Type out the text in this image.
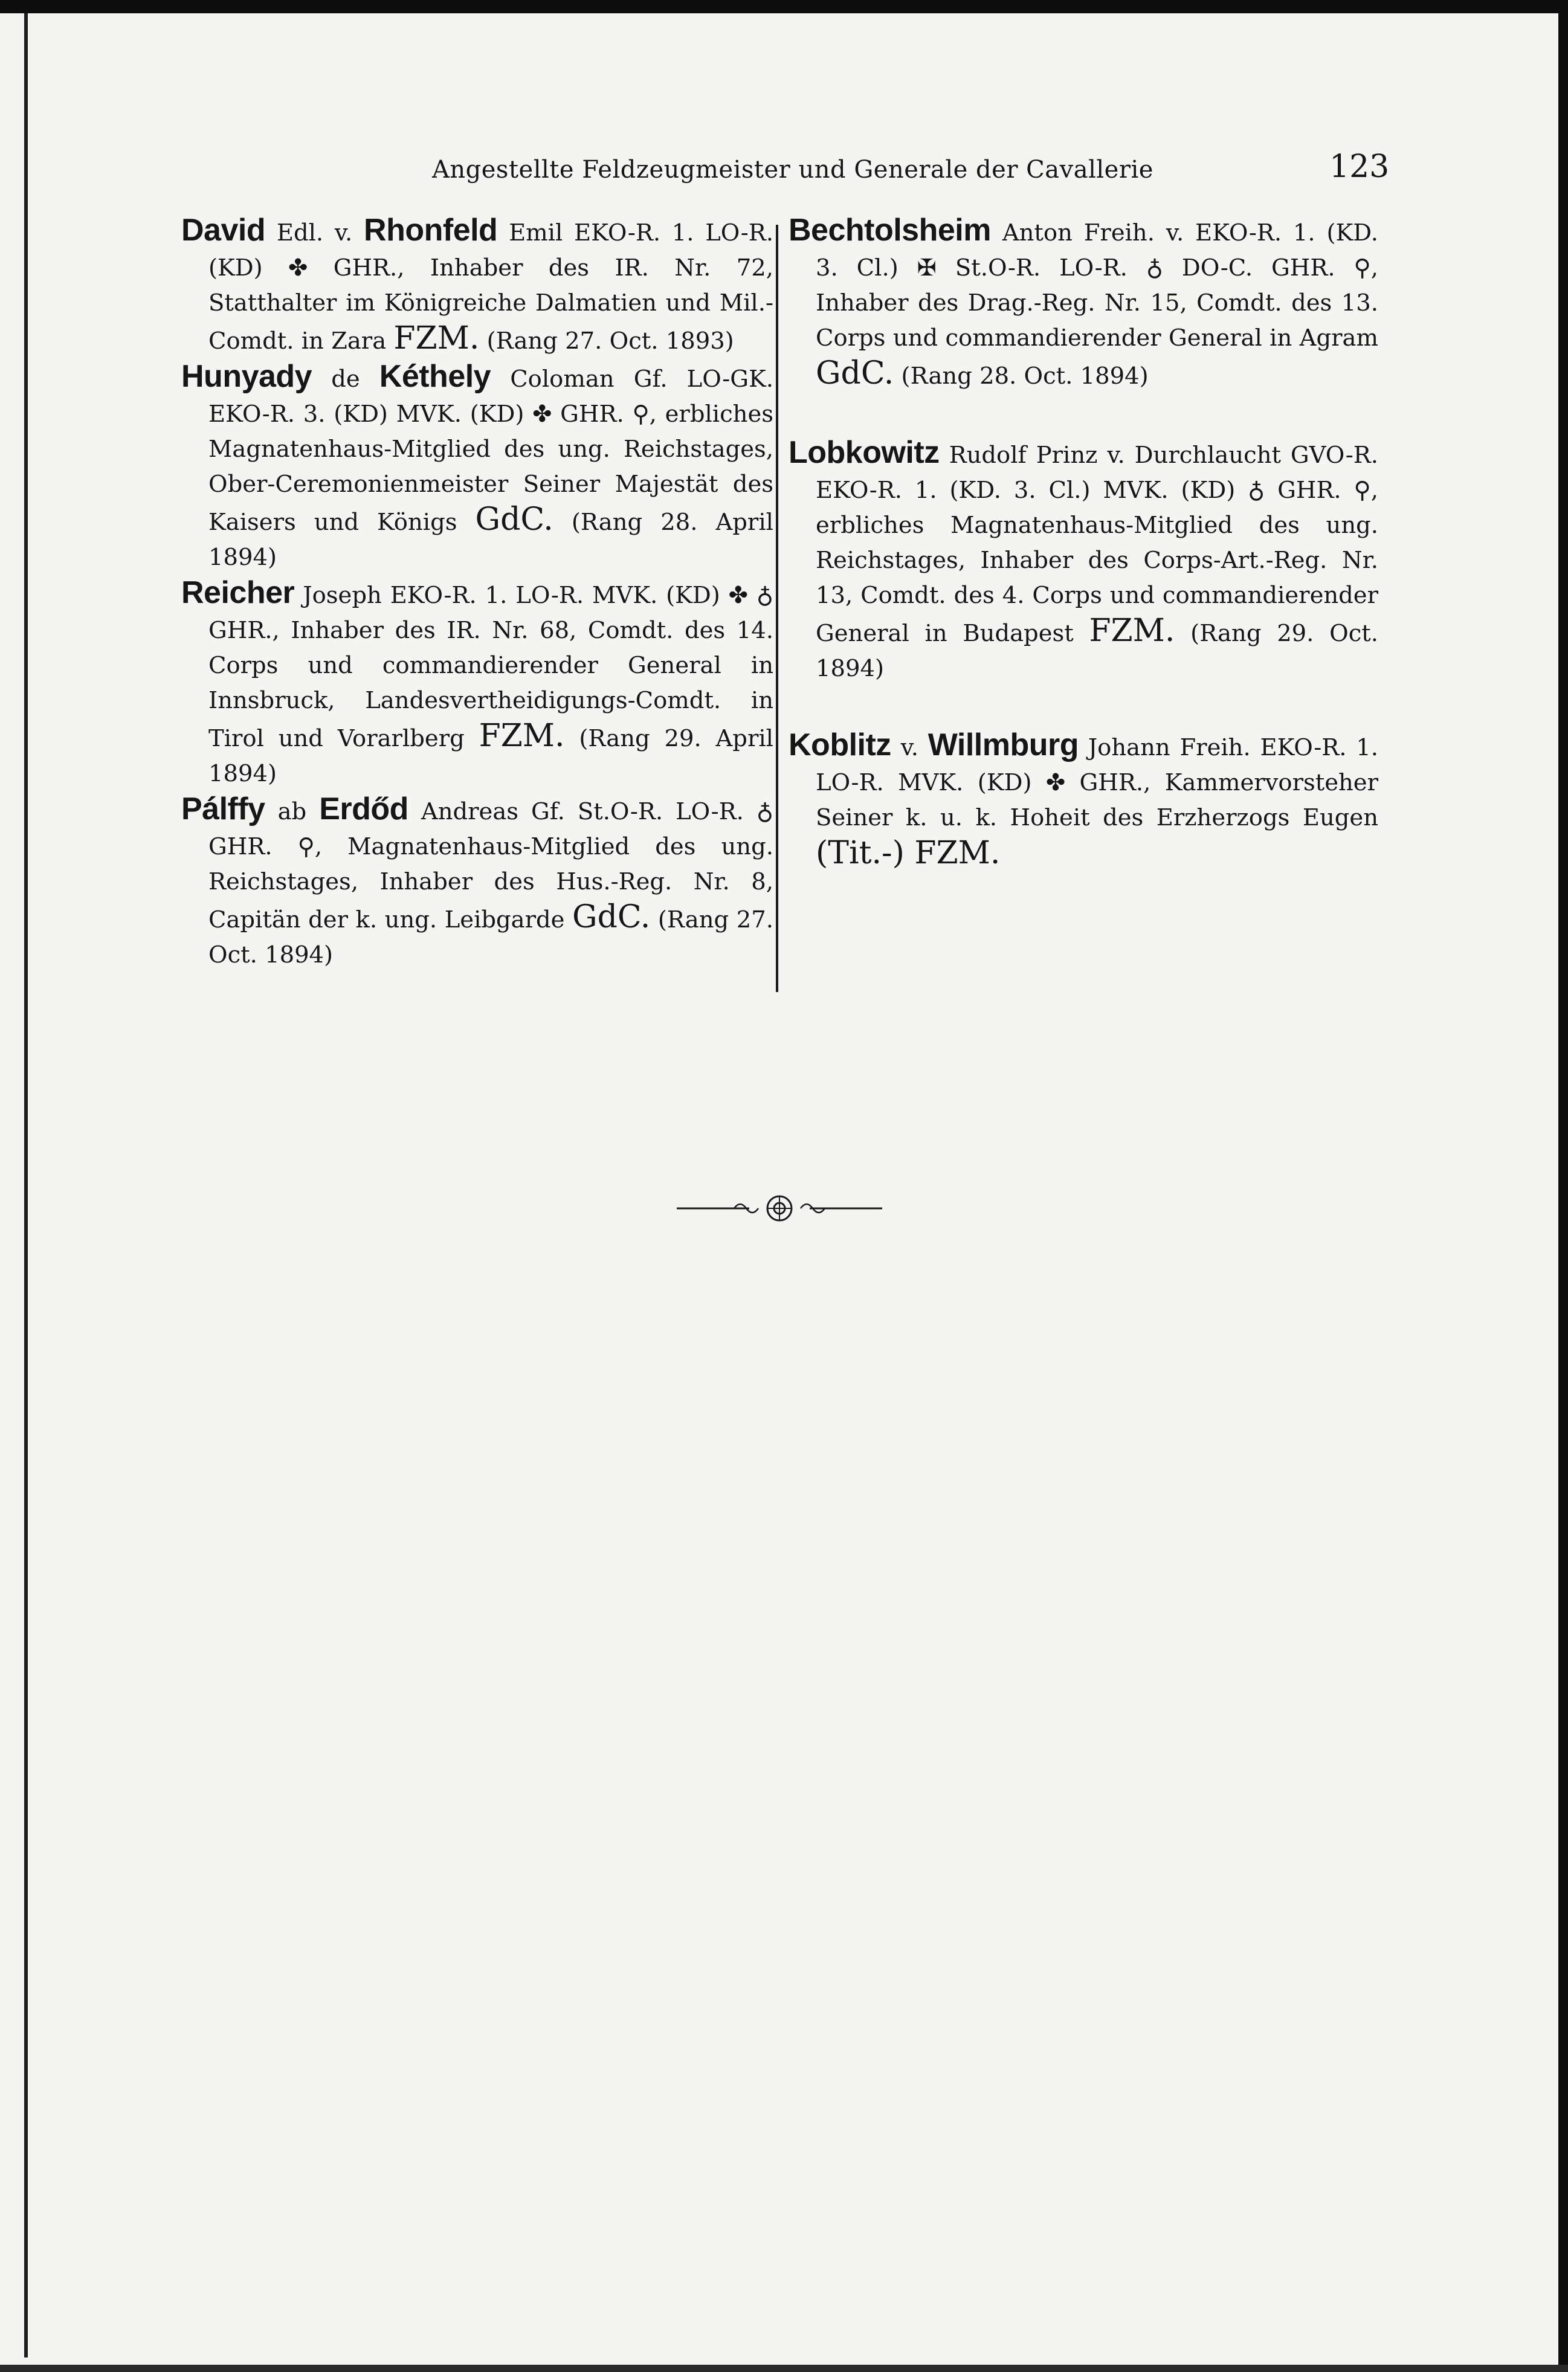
Angestellte Feldzeugmeister und Generale der Cavallerie	123

David Edl. v. Rhonfeld Emil EKO-R. 1. LO-R. (KD) ✤ GHR., Inhaber des IR. Nr. 72, Statthalter im Königreiche Dalmatien und Mil.-Comdt. in Zara FZM. (Rang 27. Oct. 1893)

Hunyady de Kéthely Coloman Gf. LO-GK. EKO-R. 3. (KD) MVK. (KD) ✤ GHR. ⚲, erbliches Magnatenhaus-Mitglied des ung. Reichstages, Ober-Ceremonienmeister Seiner Majestät des Kaisers und Königs GdC. (Rang 28. April 1894)

Reicher Joseph EKO-R. 1. LO-R. MVK. (KD) ✤ ♁ GHR., Inhaber des IR. Nr. 68, Comdt. des 14. Corps und commandierender General in Innsbruck, Landesvertheidigungs-Comdt. in Tirol und Vorarlberg FZM. (Rang 29. April 1894)

Pálffy ab Erdőd Andreas Gf. St.O-R. LO-R. ♁ GHR. ⚲, Magnatenhaus-Mitglied des ung. Reichstages, Inhaber des Hus.-Reg. Nr. 8, Capitän der k. ung. Leibgarde GdC. (Rang 27. Oct. 1894)

Bechtolsheim Anton Freih. v. EKO-R. 1. (KD. 3. Cl.) ✠ St.O-R. LO-R. ♁ DO-C. GHR. ⚲, Inhaber des Drag.-Reg. Nr. 15, Comdt. des 13. Corps und commandierender General in Agram GdC. (Rang 28. Oct. 1894)

Lobkowitz Rudolf Prinz v. Durchlaucht GVO-R. EKO-R. 1. (KD. 3. Cl.) MVK. (KD) ♁ GHR. ⚲, erbliches Magnatenhaus-Mitglied des ung. Reichstages, Inhaber des Corps-Art.-Reg. Nr. 13, Comdt. des 4. Corps und commandierender General in Budapest FZM. (Rang 29. Oct. 1894)

Koblitz v. Willmburg Johann Freih. EKO-R. 1. LO-R. MVK. (KD) ✤ GHR., Kammervorsteher Seiner k. u. k. Hoheit des Erzherzogs Eugen (Tit.-) FZM.
